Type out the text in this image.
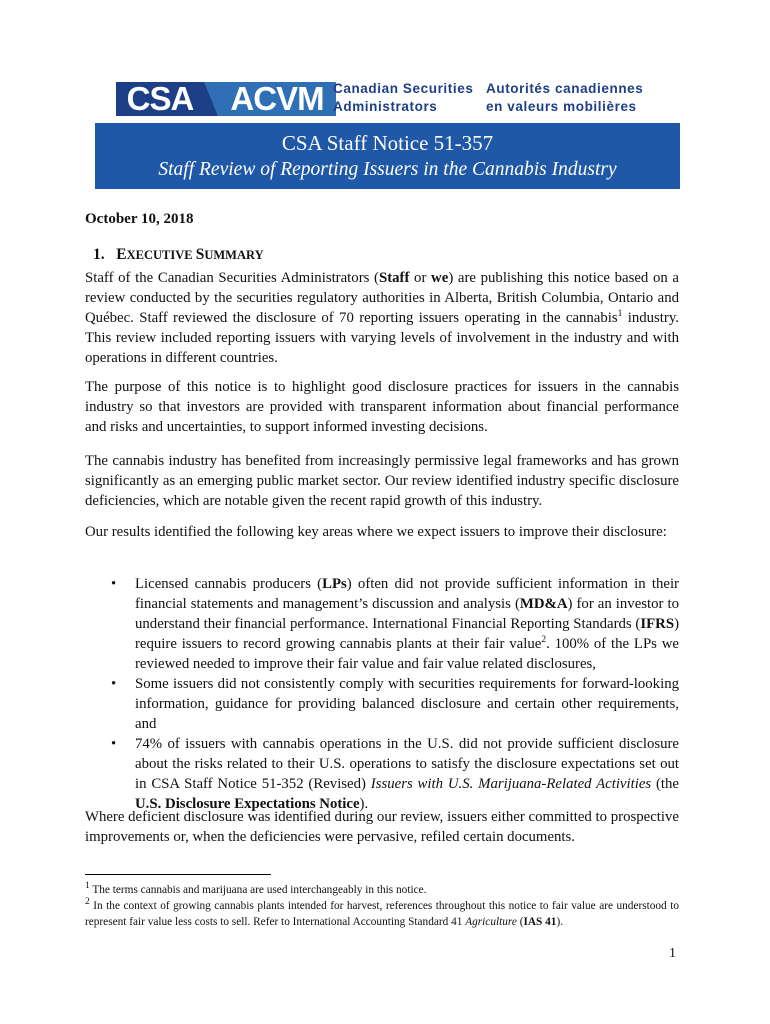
CSA	ACVM Canadian Securities
Administrators
Autorités canadiennes
en valeurs mobilières
CSA Staff Notice 51-357
Staff Review of Reporting Issuers in the Cannabis Industry
October 10, 2018
1. EXECUTIVE SUMMARY
Staff of the Canadian Securities Administrators (Staff or we) are publishing this notice based on a review conducted by the securities regulatory authorities in Alberta, British Columbia, Ontario and Québec. Staff reviewed the disclosure of 70 reporting issuers operating in the cannabis$^1$ industry. This review included reporting issuers with varying levels of involvement in the industry and with operations in different countries.
The purpose of this notice is to highlight good disclosure practices for issuers in the cannabis industry so that investors are provided with transparent information about financial performance and risks and uncertainties, to support informed investing decisions.
The cannabis industry has benefited from increasingly permissive legal frameworks and has grown significantly as an emerging public market sector. Our review identified industry specific disclosure deficiencies, which are notable given the recent rapid growth of this industry.
Our results identified the following key areas where we expect issuers to improve their disclosure:
• Licensed cannabis producers (LPs) often did not provide sufficient information in their financial statements and management’s discussion and analysis (MD&A) for an investor to understand their financial performance. International Financial Reporting Standards (IFRS) require issuers to record growing cannabis plants at their fair value$^2$. 100% of the LPs we reviewed needed to improve their fair value and fair value related disclosures,
• Some issuers did not consistently comply with securities requirements for forward-looking information, guidance for providing balanced disclosure and certain other requirements, and
• 74% of issuers with cannabis operations in the U.S. did not provide sufficient disclosure about the risks related to their U.S. operations to satisfy the disclosure expectations set out in CSA Staff Notice 51-352 (Revised) Issuers with U.S. Marijuana-Related Activities (the U.S. Disclosure Expectations Notice).
Where deficient disclosure was identified during our review, issuers either committed to prospective improvements or, when the deficiencies were pervasive, refiled certain documents.
$^1$ The terms cannabis and marijuana are used interchangeably in this notice.
$^2$ In the context of growing cannabis plants intended for harvest, references throughout this notice to fair value are understood to represent fair value less costs to sell. Refer to International Accounting Standard 41 Agriculture (IAS 41).
1
